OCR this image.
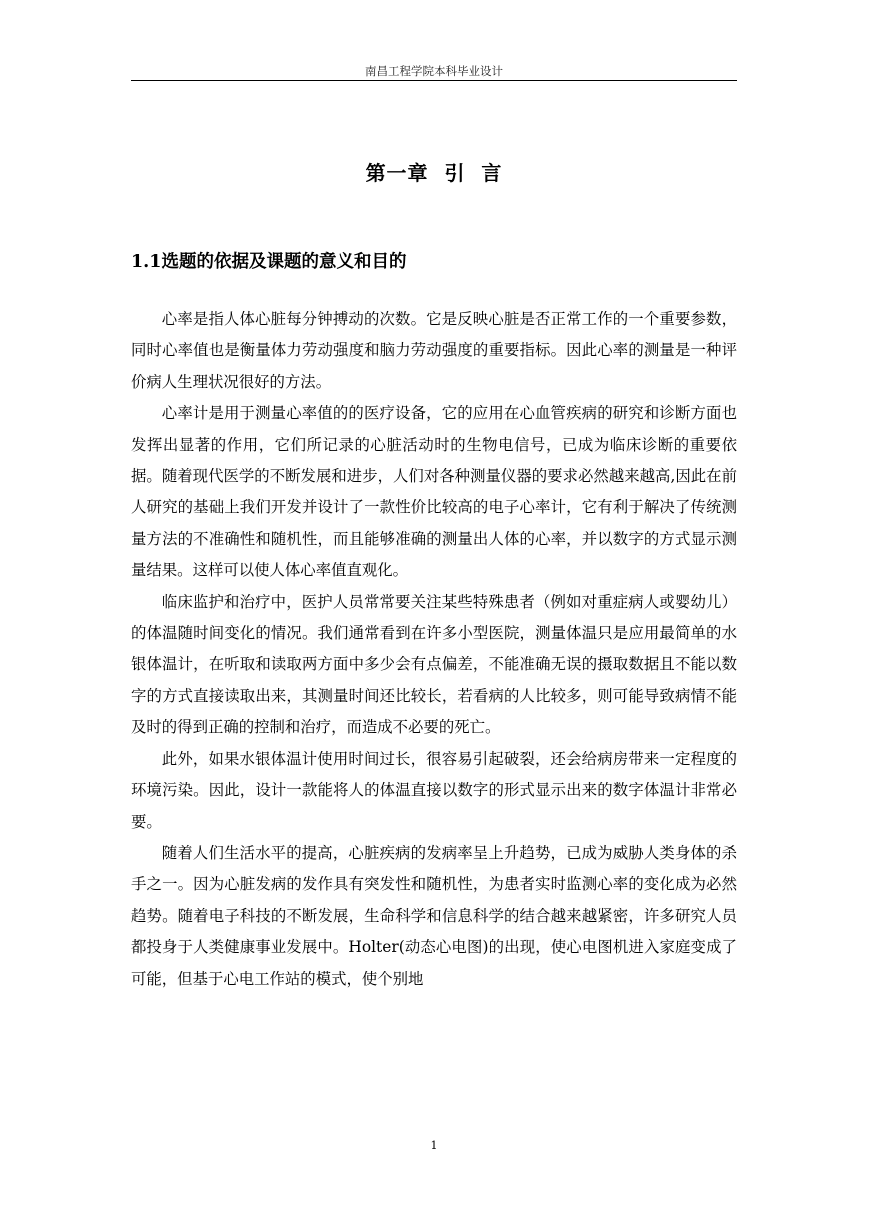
南昌工程学院本科毕业设计
第一章  引  言
1.1选题的依据及课题的意义和目的

心率是指人体心脏每分钟搏动的次数。它是反映心脏是否正常工作的一个重要参数，同时心率值也是衡量体力劳动强度和脑力劳动强度的重要指标。因此心率的测量是一种评价病人生理状况很好的方法。

心率计是用于测量心率值的的医疗设备，它的应用在心血管疾病的研究和诊断方面也发挥出显著的作用，它们所记录的心脏活动时的生物电信号，已成为临床诊断的重要依据。随着现代医学的不断发展和进步，人们对各种测量仪器的要求必然越来越高,因此在前人研究的基础上我们开发并设计了一款性价比较高的电子心率计，它有利于解决了传统测量方法的不准确性和随机性，而且能够准确的测量出人体的心率，并以数字的方式显示测量结果。这样可以使人体心率值直观化。

临床监护和治疗中，医护人员常常要关注某些特殊患者（例如对重症病人或婴幼儿）的体温随时间变化的情况。我们通常看到在许多小型医院，测量体温只是应用最简单的水银体温计，在听取和读取两方面中多少会有点偏差，不能准确无误的摄取数据且不能以数字的方式直接读取出来，其测量时间还比较长，若看病的人比较多，则可能导致病情不能及时的得到正确的控制和治疗，而造成不必要的死亡。

此外，如果水银体温计使用时间过长，很容易引起破裂，还会给病房带来一定程度的环境污染。因此，设计一款能将人的体温直接以数字的形式显示出来的数字体温计非常必要。

随着人们生活水平的提高，心脏疾病的发病率呈上升趋势，已成为威胁人类身体的杀手之一。因为心脏发病的发作具有突发性和随机性，为患者实时监测心率的变化成为必然趋势。随着电子科技的不断发展，生命科学和信息科学的结合越来越紧密，许多研究人员都投身于人类健康事业发展中。Holter(动态心电图)的出现，使心电图机进入家庭变成了可能，但基于心电工作站的模式，使个别地

1
